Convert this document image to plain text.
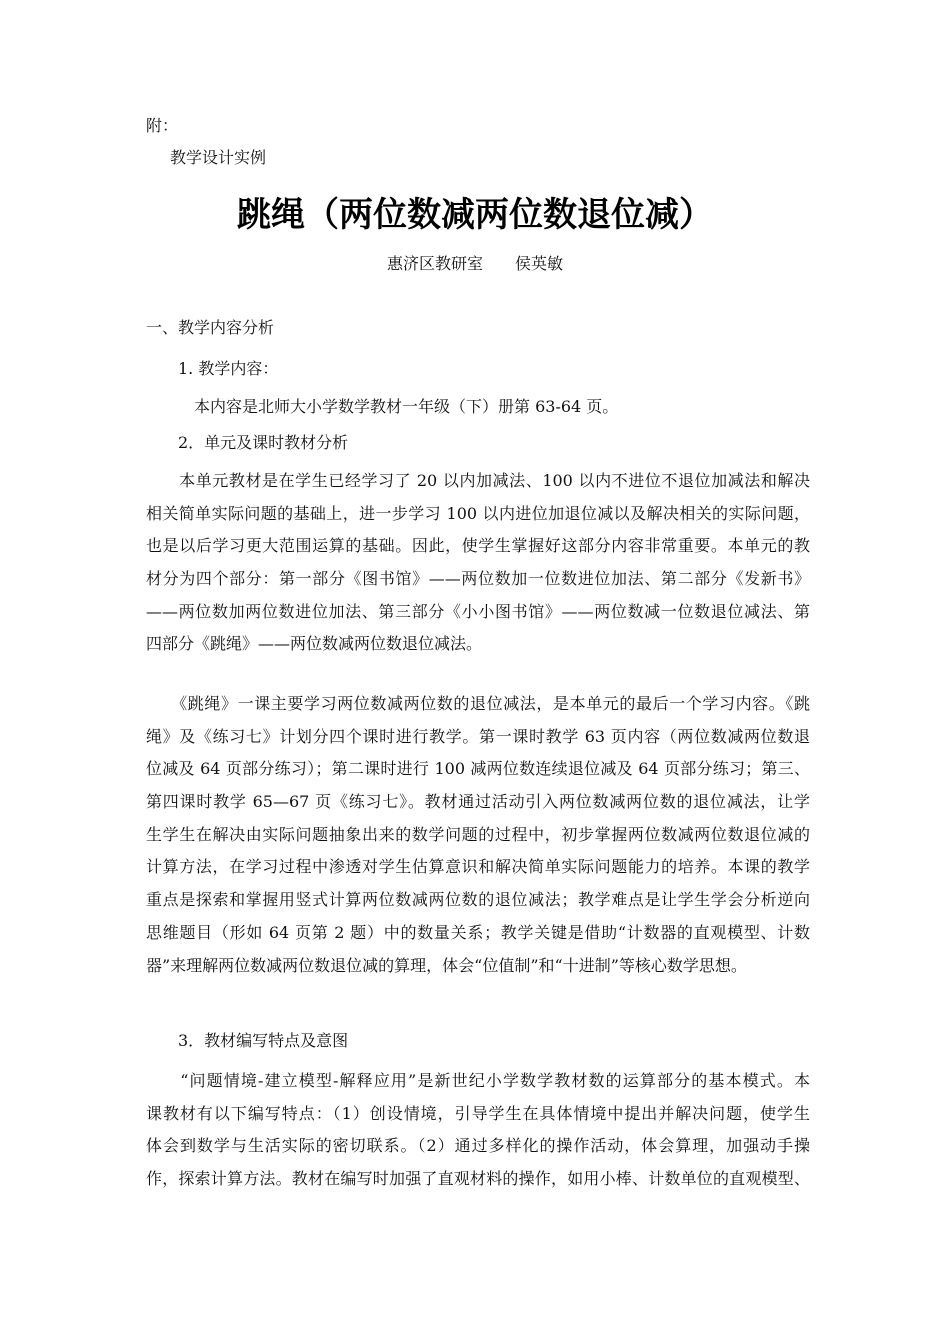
附：
教学设计实例
跳绳（两位数减两位数退位减）
惠济区教研室　　侯英敏
一、教学内容分析
1. 教学内容：
本内容是北师大小学数学教材一年级（下）册第 63-64 页。
2．单元及课时教材分析
　　本单元教材是在学生已经学习了 20 以内加减法、100 以内不进位不退位加减法和解决
相关简单实际问题的基础上，进一步学习 100 以内进位加退位减以及解决相关的实际问题，
也是以后学习更大范围运算的基础。因此，使学生掌握好这部分内容非常重要。本单元的教
材分为四个部分：第一部分《图书馆》——两位数加一位数进位加法、第二部分《发新书》
——两位数加两位数进位加法、第三部分《小小图书馆》——两位数减一位数退位减法、第
四部分《跳绳》——两位数减两位数退位减法。
　　《跳绳》一课主要学习两位数减两位数的退位减法，是本单元的最后一个学习内容。《跳
绳》及《练习七》计划分四个课时进行教学。第一课时教学 63 页内容（两位数减两位数退
位减及 64 页部分练习）；第二课时进行 100 减两位数连续退位减及 64 页部分练习；第三、
第四课时教学 65—67 页《练习七》。教材通过活动引入两位数减两位数的退位减法，让学
生学生在解决由实际问题抽象出来的数学问题的过程中，初步掌握两位数减两位数退位减的
计算方法，在学习过程中渗透对学生估算意识和解决简单实际问题能力的培养。本课的教学
重点是探索和掌握用竖式计算两位数减两位数的退位减法；教学难点是让学生学会分析逆向
思维题目（形如 64 页第 2 题）中的数量关系；教学关键是借助“计数器的直观模型、计数
器”来理解两位数减两位数退位减的算理，体会“位值制”和“十进制”等核心数学思想。
3．教材编写特点及意图
　　“问题情境-建立模型-解释应用”是新世纪小学数学教材数的运算部分的基本模式。本
课教材有以下编写特点：（1）创设情境，引导学生在具体情境中提出并解决问题，使学生
体会到数学与生活实际的密切联系。（2）通过多样化的操作活动，体会算理，加强动手操
作，探索计算方法。教材在编写时加强了直观材料的操作，如用小棒、计数单位的直观模型、
